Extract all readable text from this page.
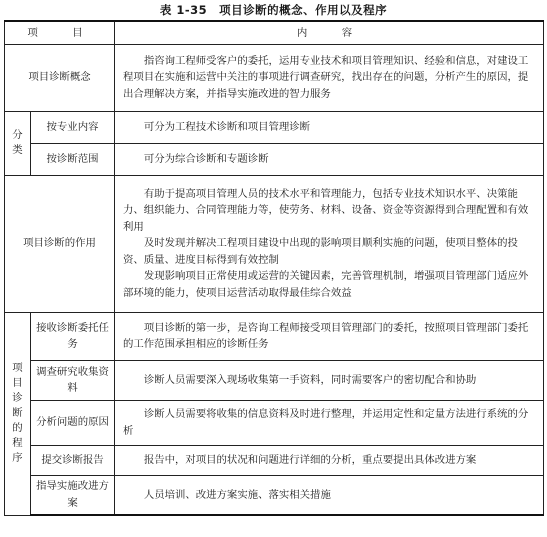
表 1-35　项目诊断的概念、作用以及程序
项　目		内　容
项目诊断概念		指咨询工程师受客户的委托，运用专业技术和项目管理知识、经验和信息，对建设工程项目在实施和运营中关注的事项进行调查研究，找出存在的问题，分析产生的原因，提出合理解决方案，并指导实施改进的智力服务

分类	按专业内容	可分为工程技术诊断和项目管理诊断

	按诊断范围	可分为综合诊断和专题诊断

项目诊断的作用		有助于提高项目管理人员的技术水平和管理能力，包括专业技术知识水平、决策能力、组织能力、合同管理能力等，使劳务、材料、设备、资金等资源得到合理配置和有效利用
及时发现并解决工程项目建设中出现的影响项目顺利实施的问题，使项目整体的投资、质量、进度目标得到有效控制
发现影响项目正常使用或运营的关键因素，完善管理机制，增强项目管理部门适应外部环境的能力，使项目运营活动取得最佳综合效益

项目诊断的程序	接收诊断委托任务	项目诊断的第一步，是咨询工程师接受项目管理部门的委托，按照项目管理部门委托的工作范围承担相应的诊断任务

	调查研究收集资料	诊断人员需要深入现场收集第一手资料，同时需要客户的密切配合和协助

	分析问题的原因	诊断人员需要将收集的信息资料及时进行整理，并运用定性和定量方法进行系统的分析

	提交诊断报告	报告中，对项目的状况和问题进行详细的分析，重点要提出具体改进方案

	指导实施改进方案	人员培训、改进方案实施、落实相关措施
